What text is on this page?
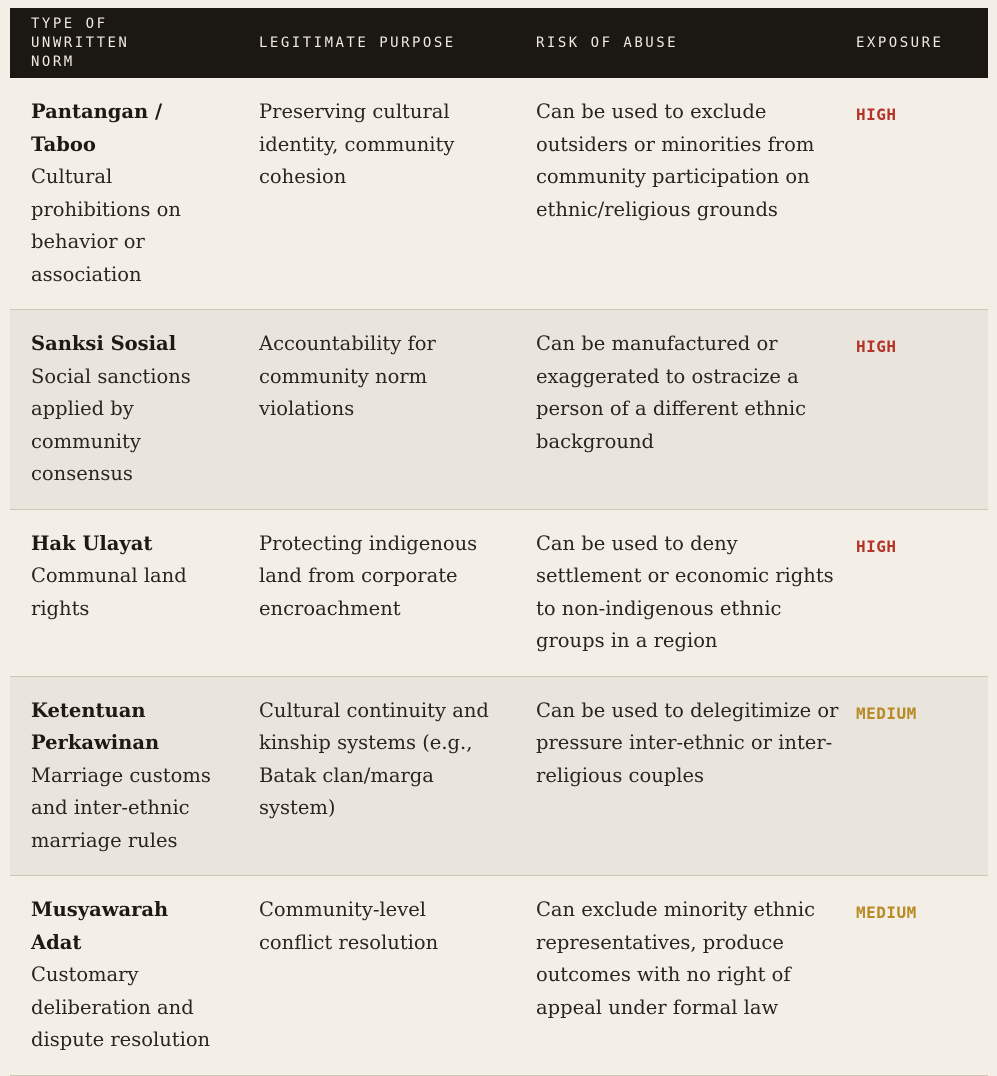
TYPE OF UNWRITTEN NORM	LEGITIMATE PURPOSE	RISK OF ABUSE	EXPOSURE

Pantangan / Taboo
Cultural prohibitions on behavior or association	Preserving cultural identity, community cohesion	Can be used to exclude outsiders or minorities from community participation on ethnic/religious grounds	HIGH

Sanksi Sosial
Social sanctions applied by community consensus	Accountability for community norm violations	Can be manufactured or exaggerated to ostracize a person of a different ethnic background	HIGH

Hak Ulayat
Communal land rights	Protecting indigenous land from corporate encroachment	Can be used to deny settlement or economic rights to non-indigenous ethnic groups in a region	HIGH

Ketentuan Perkawinan
Marriage customs and inter-ethnic marriage rules	Cultural continuity and kinship systems (e.g., Batak clan/marga system)	Can be used to delegitimize or pressure inter-ethnic or inter-religious couples	MEDIUM

Musyawarah Adat
Customary deliberation and dispute resolution	Community-level conflict resolution	Can exclude minority ethnic representatives, produce outcomes with no right of appeal under formal law	MEDIUM
